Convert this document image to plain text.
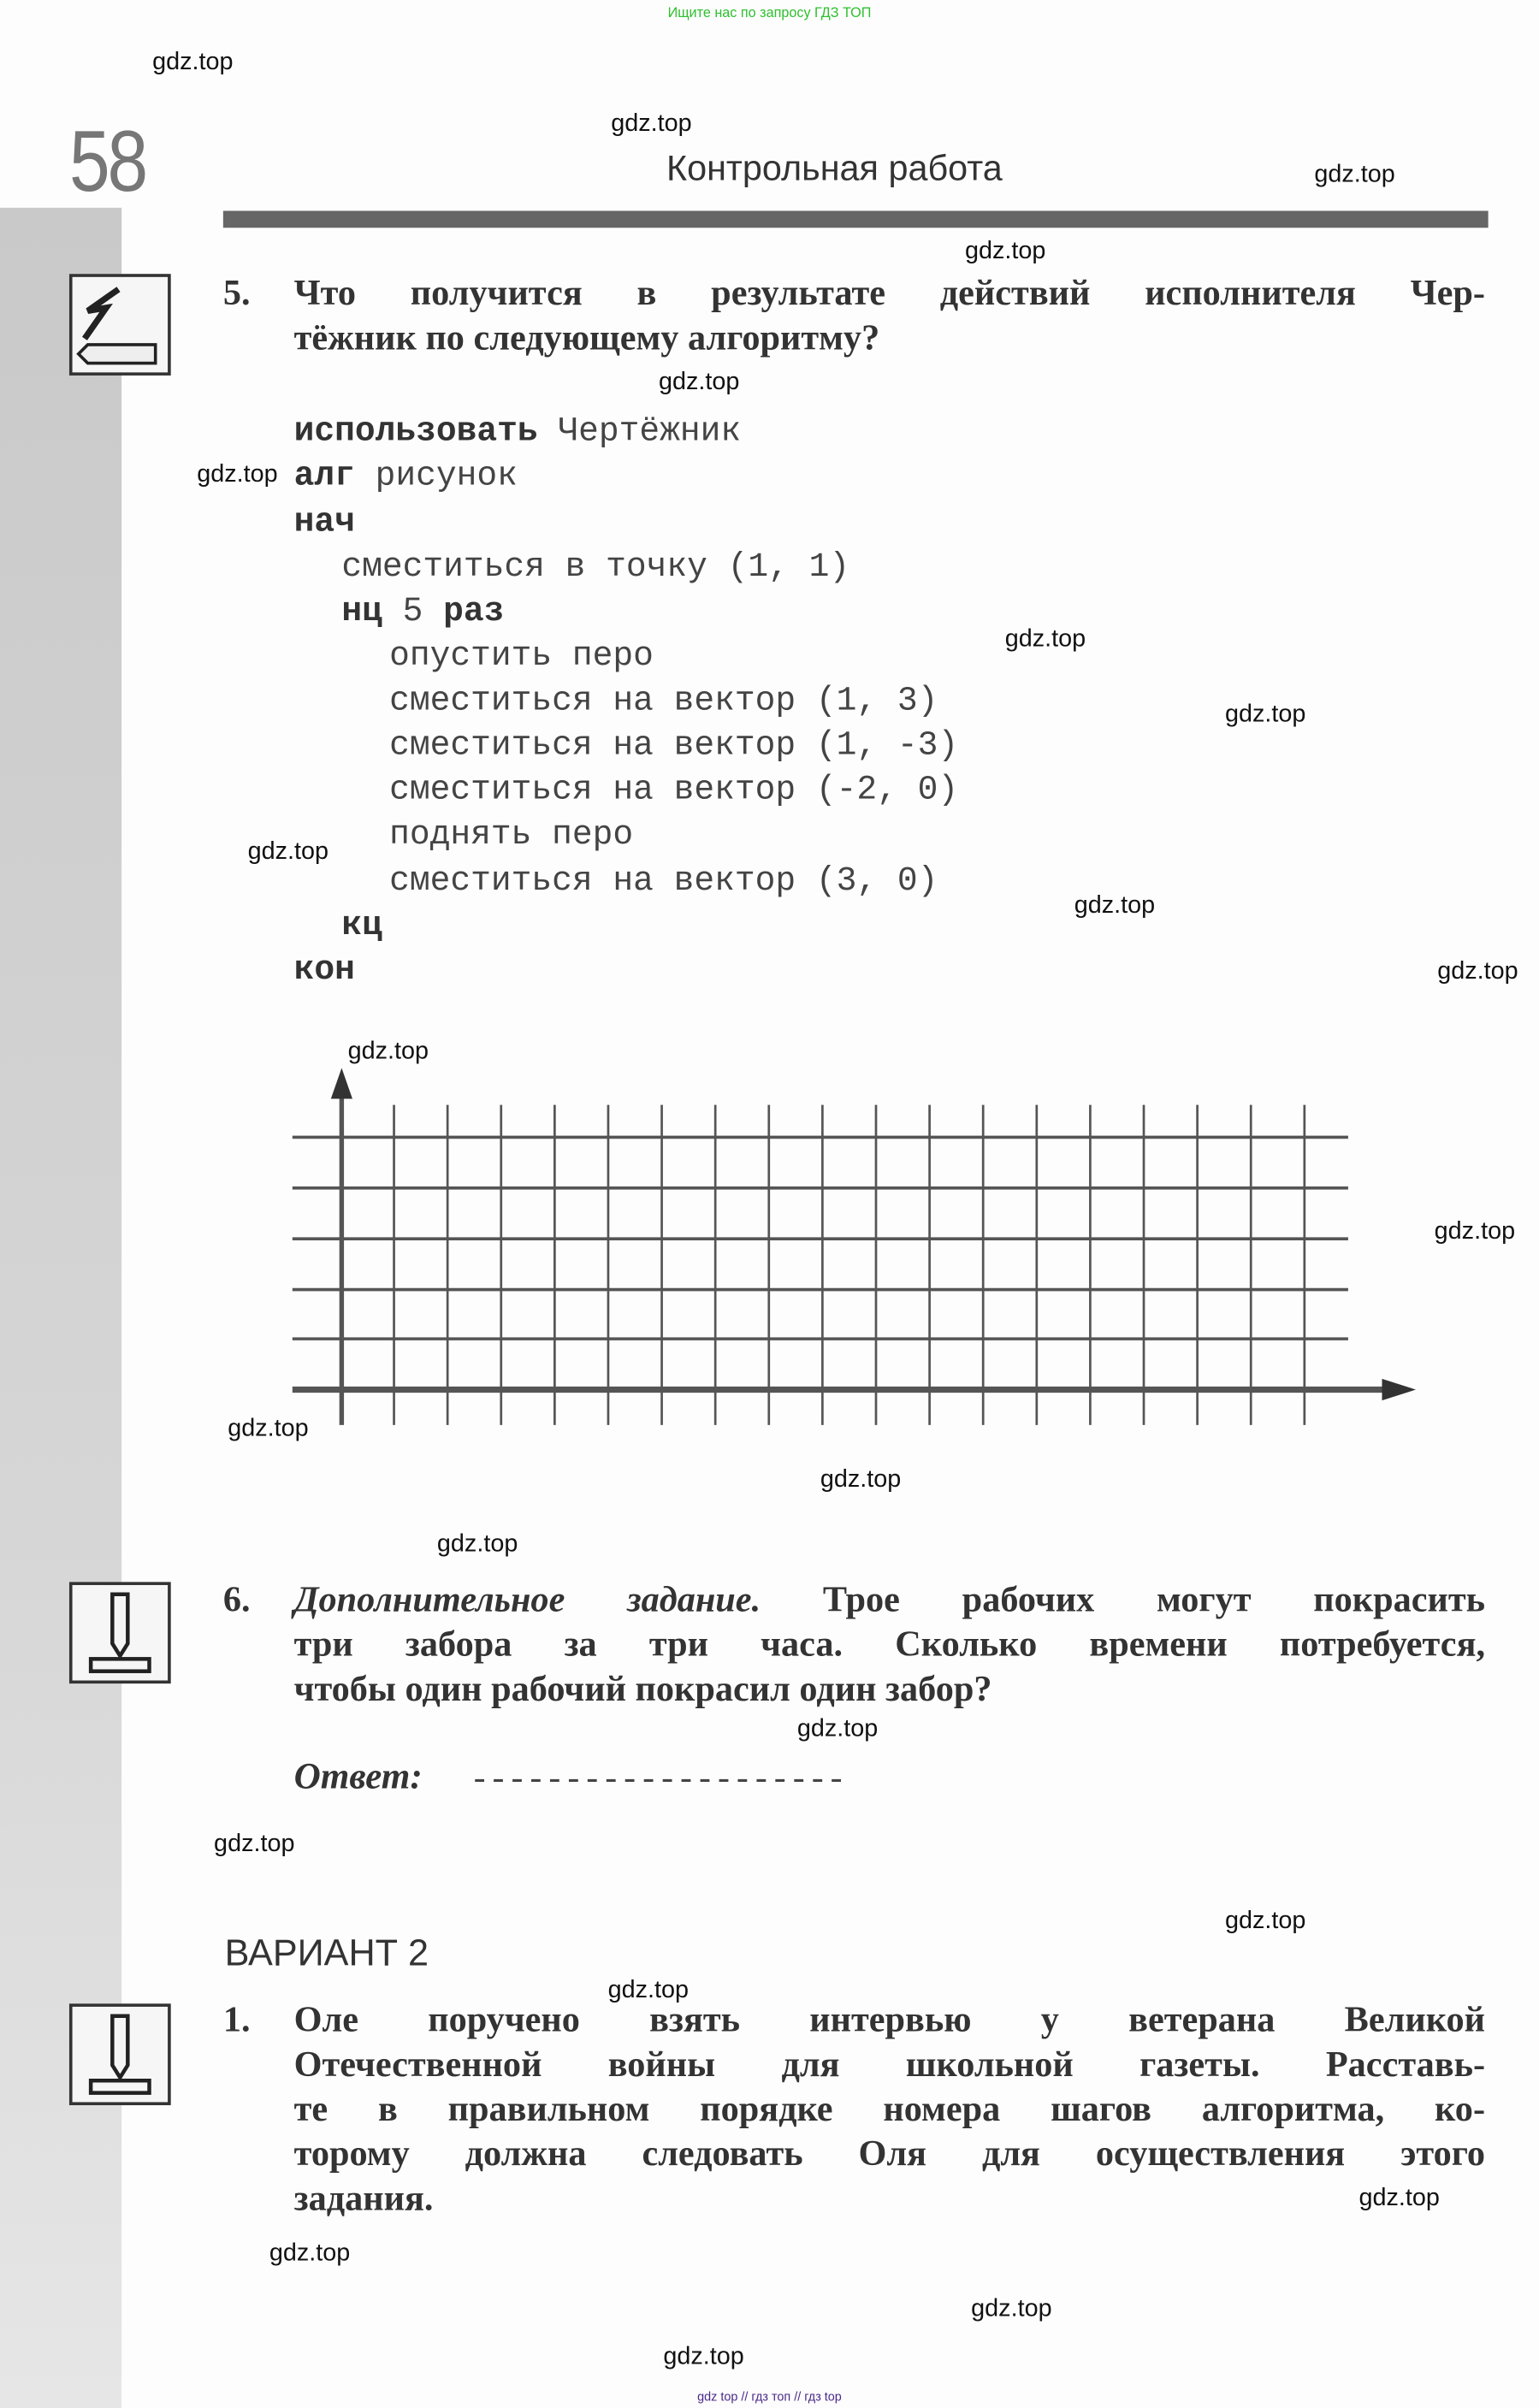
Ищите нас по запросу ГДЗ ТОП
58	Контрольная работа
5. Что получится в результате действий исполнителя Чер-
тёжник по следующему алгоритму?
использовать Чертёжник
алг рисунок
нач
сместиться в точку (1, 1)
нц 5 раз
опустить перо
сместиться на вектор (1, 3)
сместиться на вектор (1, -3)
сместиться на вектор (-2, 0)
поднять перо
сместиться на вектор (3, 0)
кц
кон
6. Дополнительное задание.	Трое рабочих могут покрасить
три забора за три часа. Сколько времени потребуется,
чтобы один рабочий покрасил один забор?
Ответ: --------------------
ВАРИАНТ 2
1. Оле поручено взять интервью у ветерана Великой
Отечественной войны для школьной газеты. Расставь-
те в правильном порядке номера шагов алгоритма, ко-
торому должна следовать Оля для осуществления этого
задания.
gdz.top
gdz.top
gdz.top
gdz.top
gdz.top
gdz.top
gdz.top
gdz.top
gdz.top
gdz.top
gdz.top
gdz.top
gdz.top
gdz.top
gdz.top
gdz.top
gdz.top
gdz.top
gdz.top
gdz.top
gdz.top
gdz.top
gdz.top
gdz.top
gdz top // гдз топ // гдз top
